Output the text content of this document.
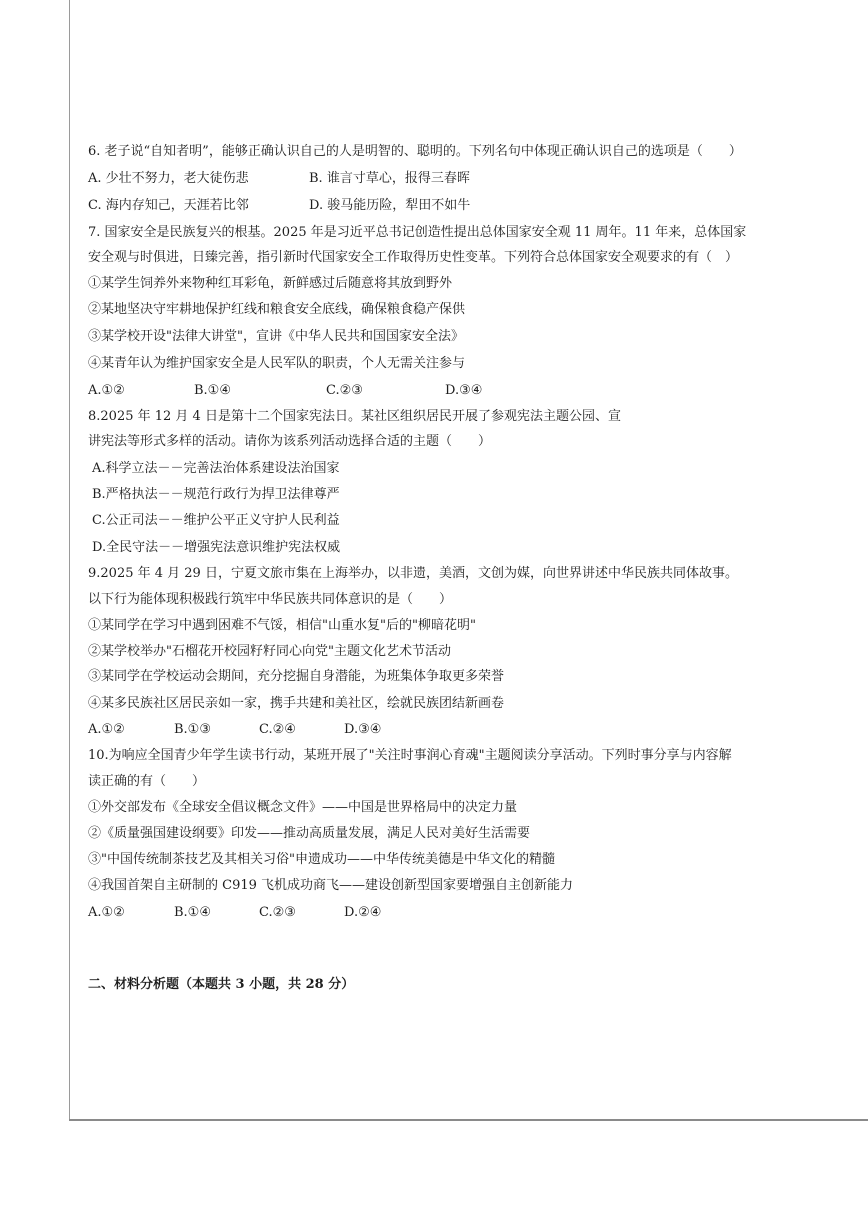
6. 老子说“自知者明”，能够正确认识自己的人是明智的、聪明的。下列名句中体现正确认识自己的选项是（　　）
A. 少壮不努力，老大徒伤悲	B. 谁言寸草心，报得三春晖
C. 海内存知己，天涯若比邻	D. 骏马能历险，犁田不如牛
7. 国家安全是民族复兴的根基。2025 年是习近平总书记创造性提出总体国家安全观 11 周年。11 年来，总体国家
安全观与时俱进，日臻完善，指引新时代国家安全工作取得历史性变革。下列符合总体国家安全观要求的有（　）
①某学生饲养外来物种红耳彩龟，新鲜感过后随意将其放到野外
②某地坚决守牢耕地保护红线和粮食安全底线，确保粮食稳产保供
③某学校开设"法律大讲堂"，宣讲《中华人民共和国国家安全法》
④某青年认为维护国家安全是人民军队的职责，个人无需关注参与
A.①②	B.①④	C.②③	D.③④
8.2025 年 12 月 4 日是第十二个国家宪法日。某社区组织居民开展了参观宪法主题公园、宣
讲宪法等形式多样的活动。请你为该系列活动选择合适的主题（　　）
A.科学立法－－完善法治体系建设法治国家
B.严格执法－－规范行政行为捍卫法律尊严
C.公正司法－－维护公平正义守护人民利益
D.全民守法－－增强宪法意识维护宪法权威
9.2025 年 4 月 29 日，宁夏文旅市集在上海举办，以非遗，美酒，文创为媒，向世界讲述中华民族共同体故事。
以下行为能体现积极践行筑牢中华民族共同体意识的是（　　）
①某同学在学习中遇到困难不气馁，相信"山重水复"后的"柳暗花明"
②某学校举办"石榴花开校园籽籽同心向党"主题文化艺术节活动
③某同学在学校运动会期间，充分挖掘自身潜能，为班集体争取更多荣誉
④某多民族社区居民亲如一家，携手共建和美社区，绘就民族团结新画卷
A.①②	B.①③	C.②④	D.③④
10.为响应全国青少年学生读书行动，某班开展了"关注时事润心育魂"主题阅读分享活动。下列时事分享与内容解
读正确的有（　　）
①外交部发布《全球安全倡议概念文件》——中国是世界格局中的决定力量
②《质量强国建设纲要》印发——推动高质量发展，满足人民对美好生活需要
③"中国传统制茶技艺及其相关习俗"申遗成功——中华传统美德是中华文化的精髓
④我国首架自主研制的 C919 飞机成功商飞——建设创新型国家要增强自主创新能力
A.①②	B.①④	C.②③	D.②④
二、材料分析题（本题共 3 小题，共 28 分）
